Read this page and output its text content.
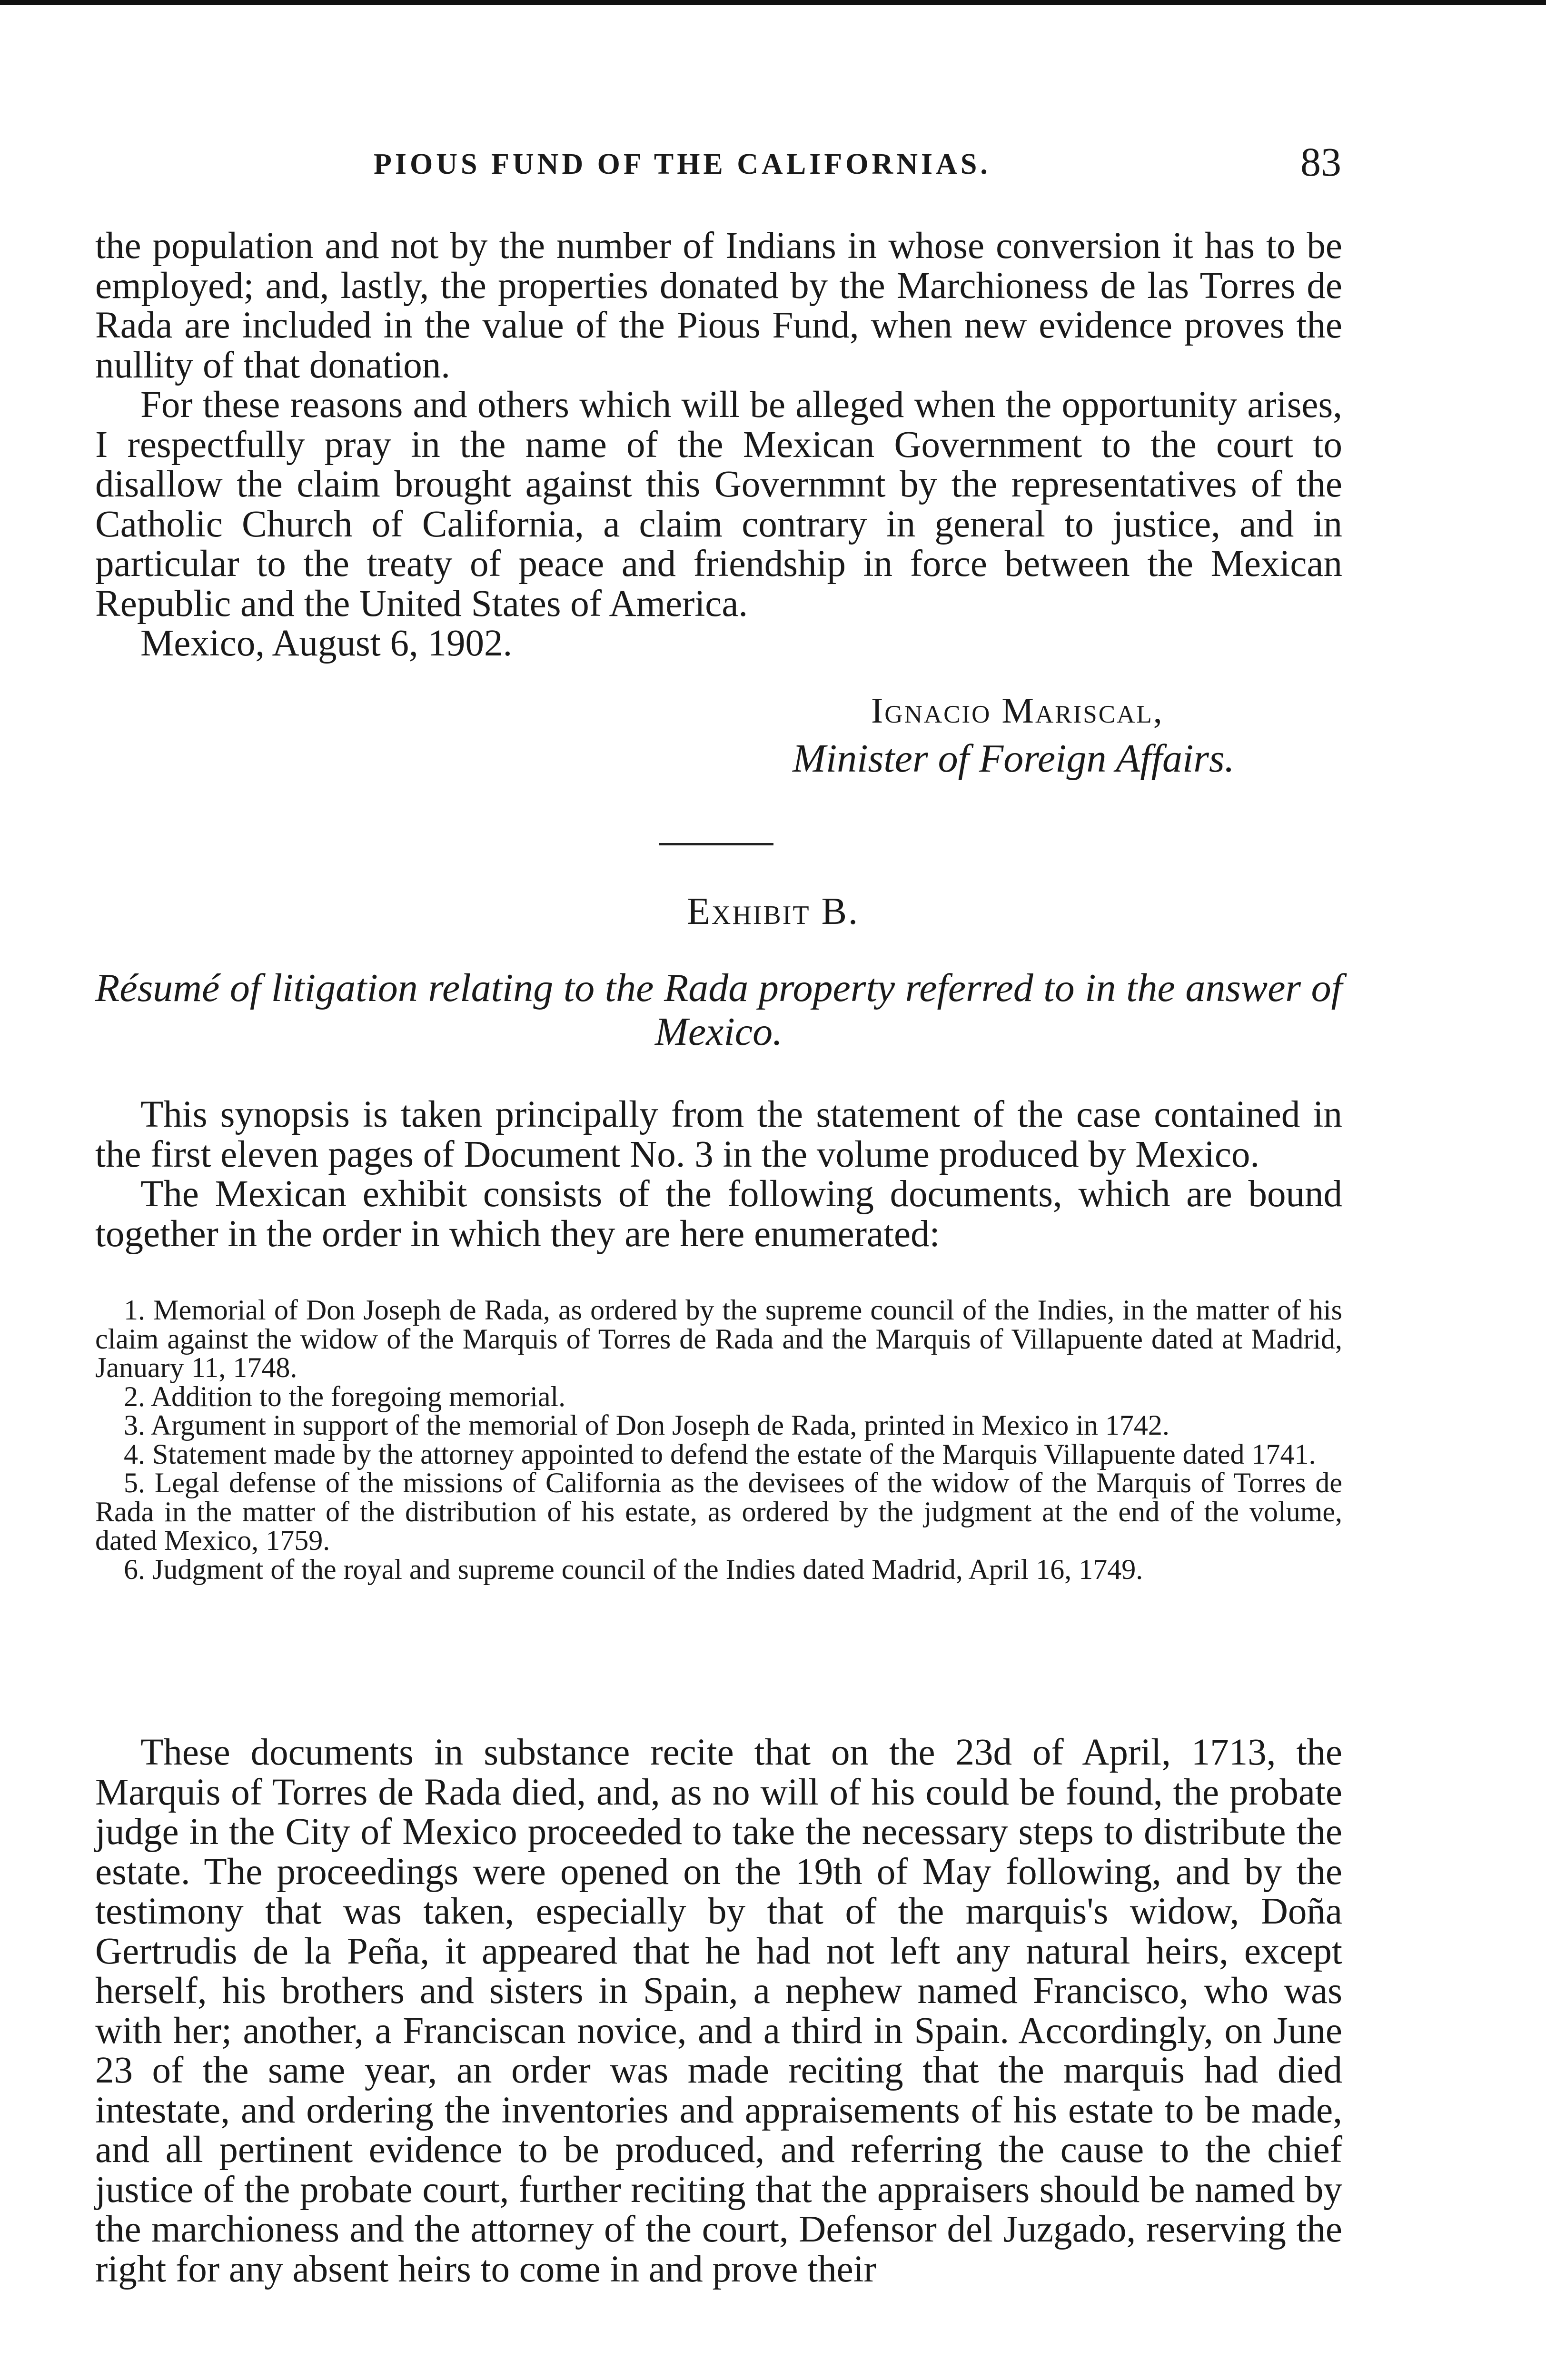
PIOUS FUND OF THE CALIFORNIAS.	83

the population and not by the number of Indians in whose conversion it has to be employed; and, lastly, the properties donated by the Marchioness de las Torres de Rada are included in the value of the Pious Fund, when new evidence proves the nullity of that donation.

For these reasons and others which will be alleged when the opportunity arises, I respectfully pray in the name of the Mexican Government to the court to disallow the claim brought against this Governmnt by the representatives of the Catholic Church of California, a claim contrary in general to justice, and in particular to the treaty of peace and friendship in force between the Mexican Republic and the United States of America.

Mexico, August 6, 1902.

Ignacio Mariscal,
Minister of Foreign Affairs.
Exhibit B.
Résumé of litigation relating to the Rada property referred to in the answer of Mexico.

This synopsis is taken principally from the statement of the case contained in the first eleven pages of Document No. 3 in the volume produced by Mexico.

The Mexican exhibit consists of the following documents, which are bound together in the order in which they are here enumerated:

1. Memorial of Don Joseph de Rada, as ordered by the supreme council of the Indies, in the matter of his claim against the widow of the Marquis of Torres de Rada and the Marquis of Villapuente dated at Madrid, January 11, 1748.

2. Addition to the foregoing memorial.

3. Argument in support of the memorial of Don Joseph de Rada, printed in Mexico in 1742.

4. Statement made by the attorney appointed to defend the estate of the Marquis Villapuente dated 1741.

5. Legal defense of the missions of California as the devisees of the widow of the Marquis of Torres de Rada in the matter of the distribution of his estate, as ordered by the judgment at the end of the volume, dated Mexico, 1759.

6. Judgment of the royal and supreme council of the Indies dated Madrid, April 16, 1749.

These documents in substance recite that on the 23d of April, 1713, the Marquis of Torres de Rada died, and, as no will of his could be found, the probate judge in the City of Mexico proceeded to take the necessary steps to distribute the estate. The proceedings were opened on the 19th of May following, and by the testimony that was taken, especially by that of the marquis's widow, Doña Gertrudis de la Peña, it appeared that he had not left any natural heirs, except herself, his brothers and sisters in Spain, a nephew named Francisco, who was with her; another, a Franciscan novice, and a third in Spain. Accordingly, on June 23 of the same year, an order was made reciting that the marquis had died intestate, and ordering the inventories and appraisements of his estate to be made, and all pertinent evidence to be produced, and referring the cause to the chief justice of the probate court, further reciting that the appraisers should be named by the marchioness and the attorney of the court, Defensor del Juzgado, reserving the right for any absent heirs to come in and prove their
